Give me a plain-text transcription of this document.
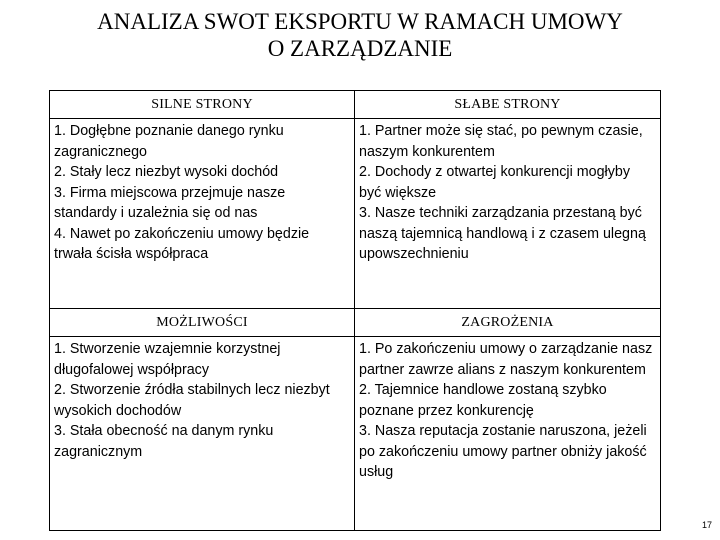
ANALIZA SWOT EKSPORTU W RAMACH UMOWY
O ZARZĄDZANIE
SILNE STRONY	SŁABE STRONY

1. Dogłębne poznanie danego rynku zagranicznego

2. Stały lecz niezbyt wysoki dochód

3. Firma miejscowa przejmuje nasze standardy i uzależnia się od nas

4. Nawet po zakończeniu umowy będzie trwała ścisła współpraca

1. Partner może się stać, po pewnym czasie, naszym konkurentem

2. Dochody z otwartej konkurencji mogłyby być większe

3. Nasze techniki zarządzania przestaną być naszą tajemnicą handlową i z czasem ulegną upowszechnieniu

MOŻLIWOŚCI	ZAGROŻENIA

1. Stworzenie wzajemnie korzystnej długofalowej współpracy

2. Stworzenie źródła stabilnych lecz niezbyt wysokich dochodów

3. Stała obecność na danym rynku zagranicznym

1. Po zakończeniu umowy o zarządzanie nasz partner zawrze alians z naszym konkurentem

2. Tajemnice handlowe zostaną szybko poznane przez konkurencję

3. Nasza reputacja zostanie naruszona, jeżeli po zakończeniu umowy partner obniży jakość usług

17
